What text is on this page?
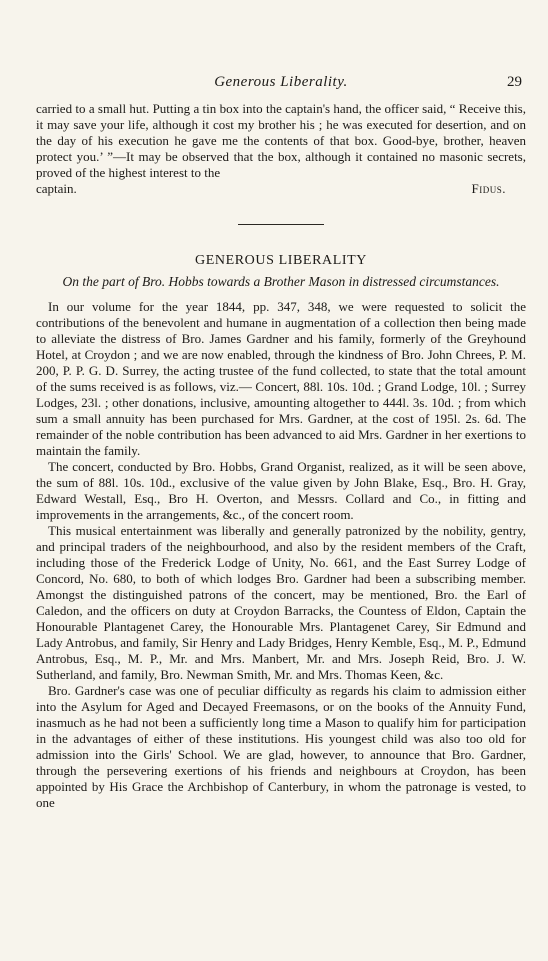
Generous Liberality.	29

carried to a small hut. Putting a tin box into the captain's hand, the officer said, “ Receive this, it may save your life, although it cost my brother his ; he was executed for desertion, and on the day of his execution he gave me the contents of that box. Good-bye, brother, heaven protect you.’ ”—It may be observed that the box, although it contained no masonic secrets, proved of the highest interest to the

captain.	Fidus.
GENEROUS LIBERALITY

On the part of Bro. Hobbs towards a Brother Mason in distressed circumstances.

In our volume for the year 1844, pp. 347, 348, we were requested to solicit the contributions of the benevolent and humane in augmentation of a collection then being made to alleviate the distress of Bro. James Gardner and his family, formerly of the Greyhound Hotel, at Croydon ; and we are now enabled, through the kindness of Bro. John Chrees, P. M. 200, P. P. G. D. Surrey, the acting trustee of the fund collected, to state that the total amount of the sums received is as follows, viz.— Concert, 88l. 10s. 10d. ; Grand Lodge, 10l. ; Surrey Lodges, 23l. ; other donations, inclusive, amounting altogether to 444l. 3s. 10d. ; from which sum a small annuity has been purchased for Mrs. Gardner, at the cost of 195l. 2s. 6d. The remainder of the noble contribution has been advanced to aid Mrs. Gardner in her exertions to maintain the family.

The concert, conducted by Bro. Hobbs, Grand Organist, realized, as it will be seen above, the sum of 88l. 10s. 10d., exclusive of the value given by John Blake, Esq., Bro. H. Gray, Edward Westall, Esq., Bro H. Overton, and Messrs. Collard and Co., in fitting and improvements in the arrangements, &c., of the concert room.

This musical entertainment was liberally and generally patronized by the nobility, gentry, and principal traders of the neighbourhood, and also by the resident members of the Craft, including those of the Frederick Lodge of Unity, No. 661, and the East Surrey Lodge of Concord, No. 680, to both of which lodges Bro. Gardner had been a subscribing member. Amongst the distinguished patrons of the concert, may be mentioned, Bro. the Earl of Caledon, and the officers on duty at Croydon Barracks, the Countess of Eldon, Captain the Honourable Plantagenet Carey, the Honourable Mrs. Plantagenet Carey, Sir Edmund and Lady Antrobus, and family, Sir Henry and Lady Bridges, Henry Kemble, Esq., M. P., Edmund Antrobus, Esq., M. P., Mr. and Mrs. Manbert, Mr. and Mrs. Joseph Reid, Bro. J. W. Sutherland, and family, Bro. Newman Smith, Mr. and Mrs. Thomas Keen, &c.

Bro. Gardner's case was one of peculiar difficulty as regards his claim to admission either into the Asylum for Aged and Decayed Freemasons, or on the books of the Annuity Fund, inasmuch as he had not been a sufficiently long time a Mason to qualify him for participation in the advantages of either of these institutions. His youngest child was also too old for admission into the Girls' School. We are glad, however, to announce that Bro. Gardner, through the persevering exertions of his friends and neighbours at Croydon, has been appointed by His Grace the Archbishop of Canterbury, in whom the patronage is vested, to one
